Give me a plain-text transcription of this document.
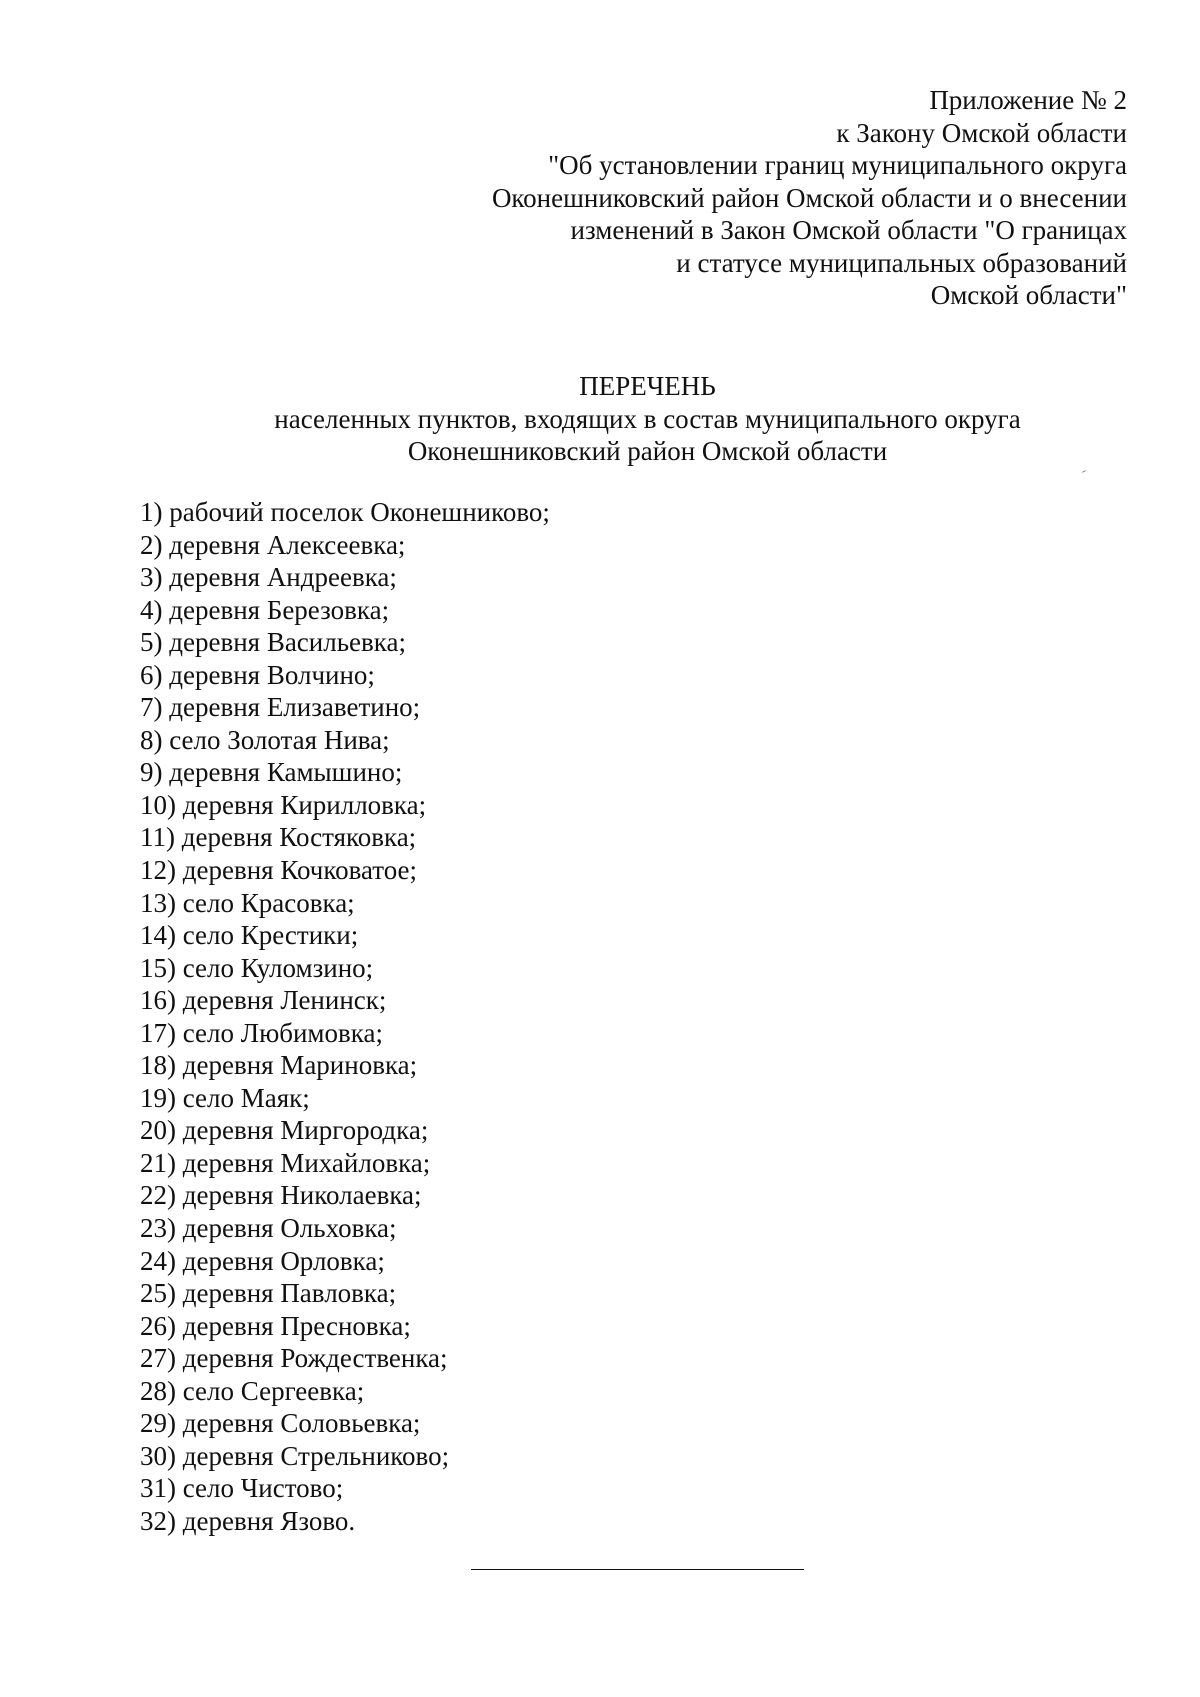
Приложение № 2
к Закону Омской области
"Об установлении границ муниципального округа
Оконешниковский район Омской области и о внесении
изменений в Закон Омской области "О границах
и статусе муниципальных образований
Омской области"
ПЕРЕЧЕНЬ
населенных пунктов, входящих в состав муниципального округа
Оконешниковский район Омской области
1) рабочий поселок Оконешниково;
2) деревня Алексеевка;
3) деревня Андреевка;
4) деревня Березовка;
5) деревня Васильевка;
6) деревня Волчино;
7) деревня Елизаветино;
8) село Золотая Нива;
9) деревня Камышино;
10) деревня Кирилловка;
11) деревня Костяковка;
12) деревня Кочковатое;
13) село Красовка;
14) село Крестики;
15) село Куломзино;
16) деревня Ленинск;
17) село Любимовка;
18) деревня Мариновка;
19) село Маяк;
20) деревня Миргородка;
21) деревня Михайловка;
22) деревня Николаевка;
23) деревня Ольховка;
24) деревня Орловка;
25) деревня Павловка;
26) деревня Пресновка;
27) деревня Рождественка;
28) село Сергеевка;
29) деревня Соловьевка;
30) деревня Стрельниково;
31) село Чистово;
32) деревня Язово.
